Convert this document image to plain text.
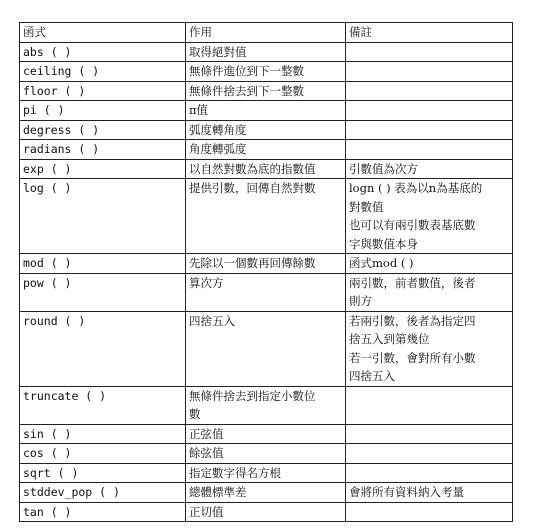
函式	作用	備註
abs ( )	取得絕對值	

ceiling ( )	無條件進位到下一整數	

floor ( )	無條件捨去到下一整數	

pi ( )	π值	

degress ( )	弧度轉角度	

radians ( )	角度轉弧度	

exp ( )	以自然對數為底的指數值	引數值為次方

log ( )	提供引數，回傳自然對數	logn ( ) 表為以n為基底的
對數值
也可以有兩引數表基底數
字與數值本身

mod ( )	先除以一個數再回傳餘數	函式mod ( )

pow ( )	算次方	兩引數，前者數值，後者
則方

round ( )	四捨五入	若兩引數，後者為指定四
捨五入到第幾位
若一引數，會對所有小數
四捨五入

truncate ( )	無條件捨去到指定小數位
數	

sin ( )	正弦值	

cos ( )	餘弦值	

sqrt ( )	指定數字得名方根	

stddev_pop ( )	總體標準差	會將所有資料納入考量

tan ( )	正切值	
